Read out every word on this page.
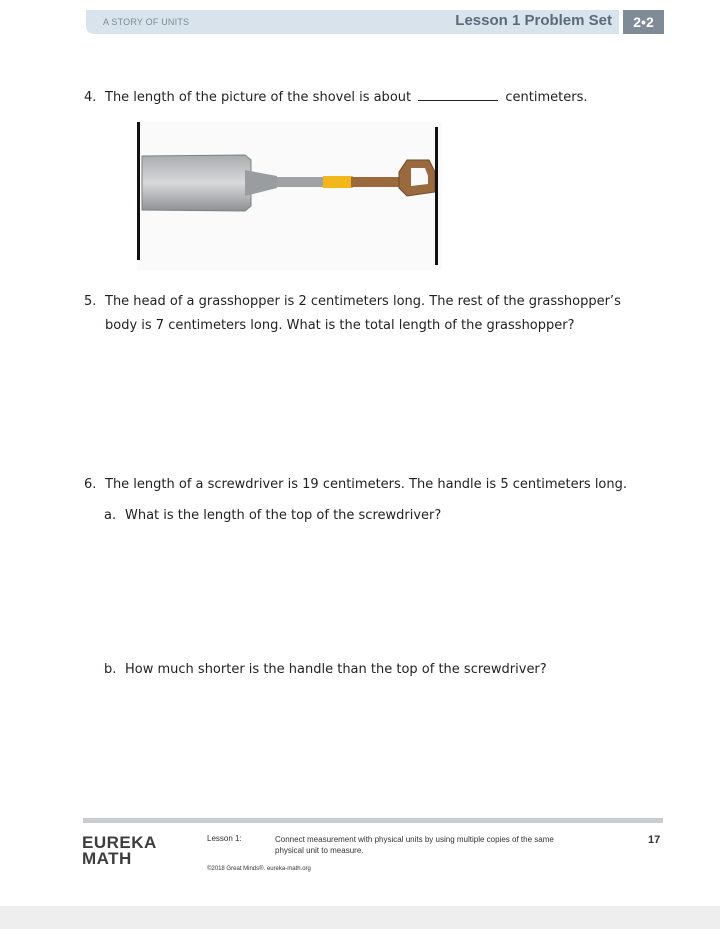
A STORY OF UNITS	Lesson 1 Problem Set	2•2
4. The length of the picture of the shovel is about	centimeters.
5. The head of a grasshopper is 2 centimeters long. The rest of the grasshopper’s
body is 7 centimeters long. What is the total length of the grasshopper?
6. The length of a screwdriver is 19 centimeters. The handle is 5 centimeters long.
a. What is the length of the top of the screwdriver?
b. How much shorter is the handle than the top of the screwdriver?
EUREKA
MATH
Lesson 1:	Connect measurement with physical units by using multiple copies of the same physical unit to measure.
©2018 Great Minds®. eureka-math.org
17
